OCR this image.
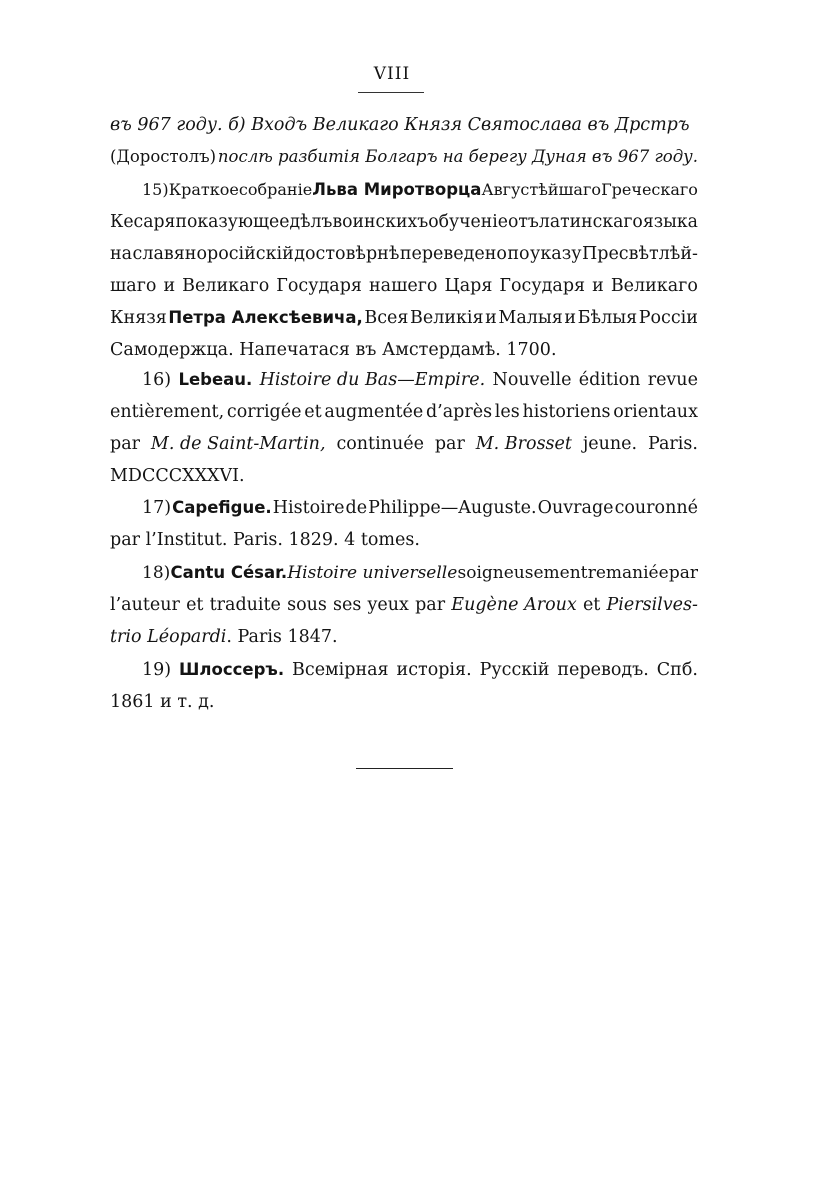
VIII
въ 967 году. б) Входъ Великаго Князя Святослава въ Дрстръ
(Доростолъ) послѣ разбитія Болгаръ на берегу Дуная въ 967 году.
15) Краткое собраніе Льва Миротворца Августѣйшаго Греческаго
Кесаря показующее дѣлъ воинскихъ обученіе отъ латинскаго языка
на славяноросійскій достовѣрнѣ переведено по указу Пресвѣтлѣй-
шаго и Великаго Государя нашего Царя Государя и Великаго
Князя Петра Алексѣевича, Всея Великія и Малыя и Бѣлыя Россіи
Самодержца. Напечатася въ Амстердамѣ. 1700.
16) Lebeau. Histoire du Bas—Empire. Nouvelle édition revue
entièrement, corrigée et augmentée d’après les historiens orientaux
par M. de Saint-Martin, continuée par M. Brosset jeune. Paris.
MDCCCXXXVI.
17) Capefigue. Histoire de Philippe—Auguste. Ouvrage couronné
par l’Institut. Paris. 1829. 4 tomes.
18) Cantu César. Histoire universelle soigneusement remaniée par
l’auteur et traduite sous ses yeux par Eugène Aroux et Piersilves-
trio Léopardi. Paris 1847.
19) Шлоссеръ. Всемірная исторія. Русскій переводъ. Спб.
1861 и т. д.
